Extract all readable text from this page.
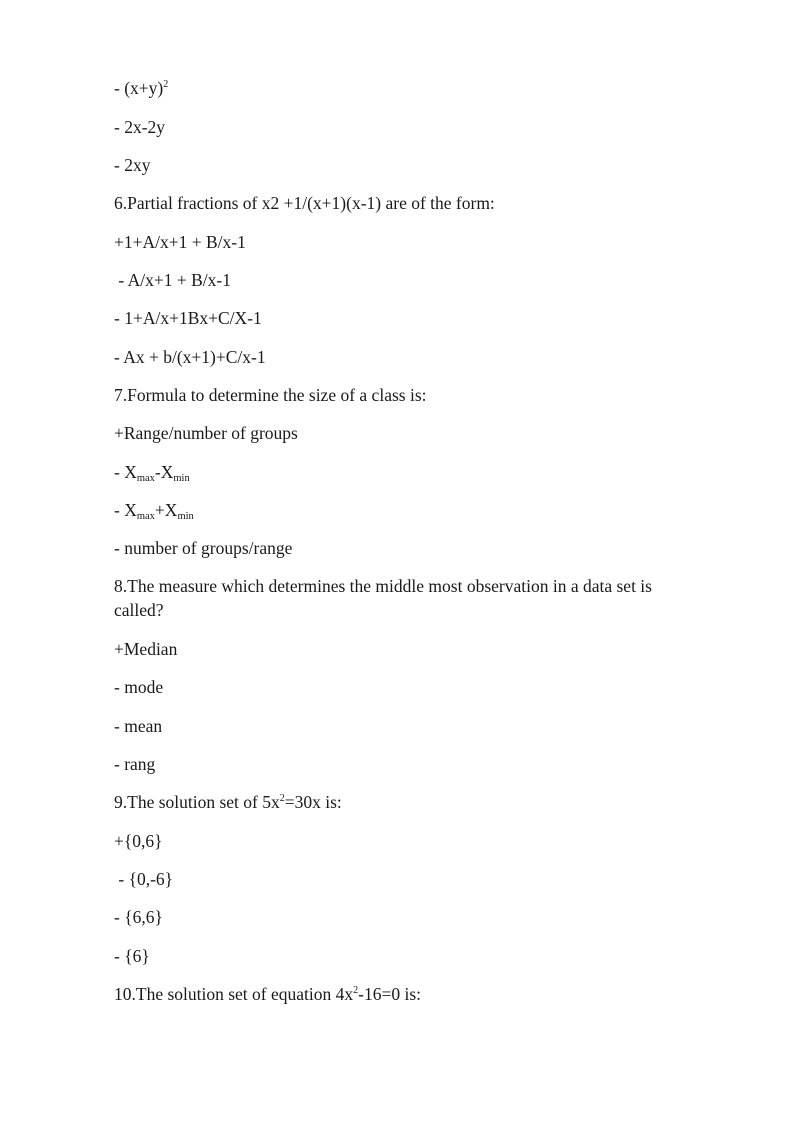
- $(x+y)^2$
- 2x-2y
- 2xy
6.Partial fractions of x2 +1/(x+1)(x-1) are of the form:
+1+A/x+1 + B/x-1
- A/x+1 + B/x-1
- 1+A/x+1Bx+C/X-1
- Ax + b/(x+1)+C/x-1
7.Formula to determine the size of a class is:
+Range/number of groups
- $X_{max}-X_{min}$
- $X_{max}+X_{min}$
- number of groups/range
8.The measure which determines the middle most observation in a data set is called?
+Median
- mode
- mean
- rang
9.The solution set of $5x^2=30x$ is:
+{0,6}
- {0,-6}
- {6,6}
- {6}
10.The solution set of equation $4x^2-16=0$ is:
